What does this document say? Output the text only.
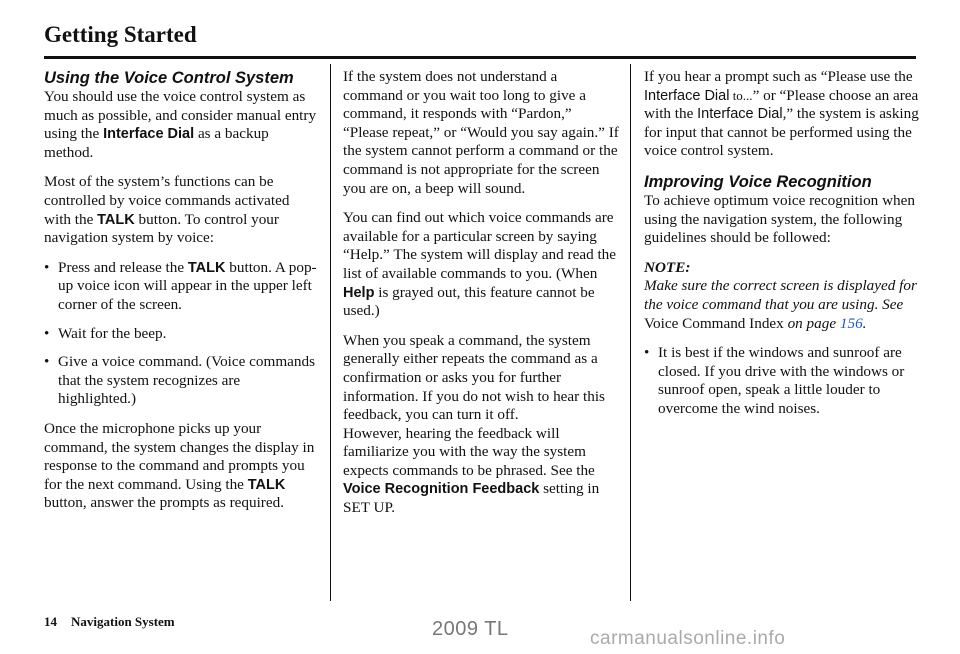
Getting Started
Using the Voice Control System

You should use the voice control system as much as possible, and consider manual entry using the Interface Dial as a backup method.

Most of the system’s functions can be controlled by voice commands activated with the TALK button. To control your navigation system by voice:

• Press and release the TALK button. A pop-up voice icon will appear in the upper left corner of the screen.
• Wait for the beep.
• Give a voice command. (Voice commands that the system recognizes are highlighted.)

Once the microphone picks up your command, the system changes the display in response to the command and prompts you for the next command. Using the TALK button, answer the prompts as required.

If the system does not understand a command or you wait too long to give a command, it responds with “Pardon,” “Please repeat,” or “Would you say again.” If the system cannot perform a command or the command is not appropriate for the screen you are on, a beep will sound.

You can find out which voice commands are available for a particular screen by saying “Help.” The system will display and read the list of available commands to you. (When Help is grayed out, this feature cannot be used.)

When you speak a command, the system generally either repeats the command as a confirmation or asks you for further information. If you do not wish to hear this feedback, you can turn it off.
However, hearing the feedback will familiarize you with the way the system expects commands to be phrased. See the Voice Recognition Feedback setting in SET UP.

If you hear a prompt such as “Please use the Interface Dial to...” or “Please choose an area with the Interface Dial,” the system is asking for input that cannot be performed using the voice control system.

Improving Voice Recognition

To achieve optimum voice recognition when using the navigation system, the following guidelines should be followed:

NOTE:

Make sure the correct screen is displayed for the voice command that you are using. See Voice Command Index on page 156.

• It is best if the windows and sunroof are closed. If you drive with the windows or sunroof open, speak a little louder to overcome the wind noises.
14 Navigation System	2009 TL	carmanualsonline.info
